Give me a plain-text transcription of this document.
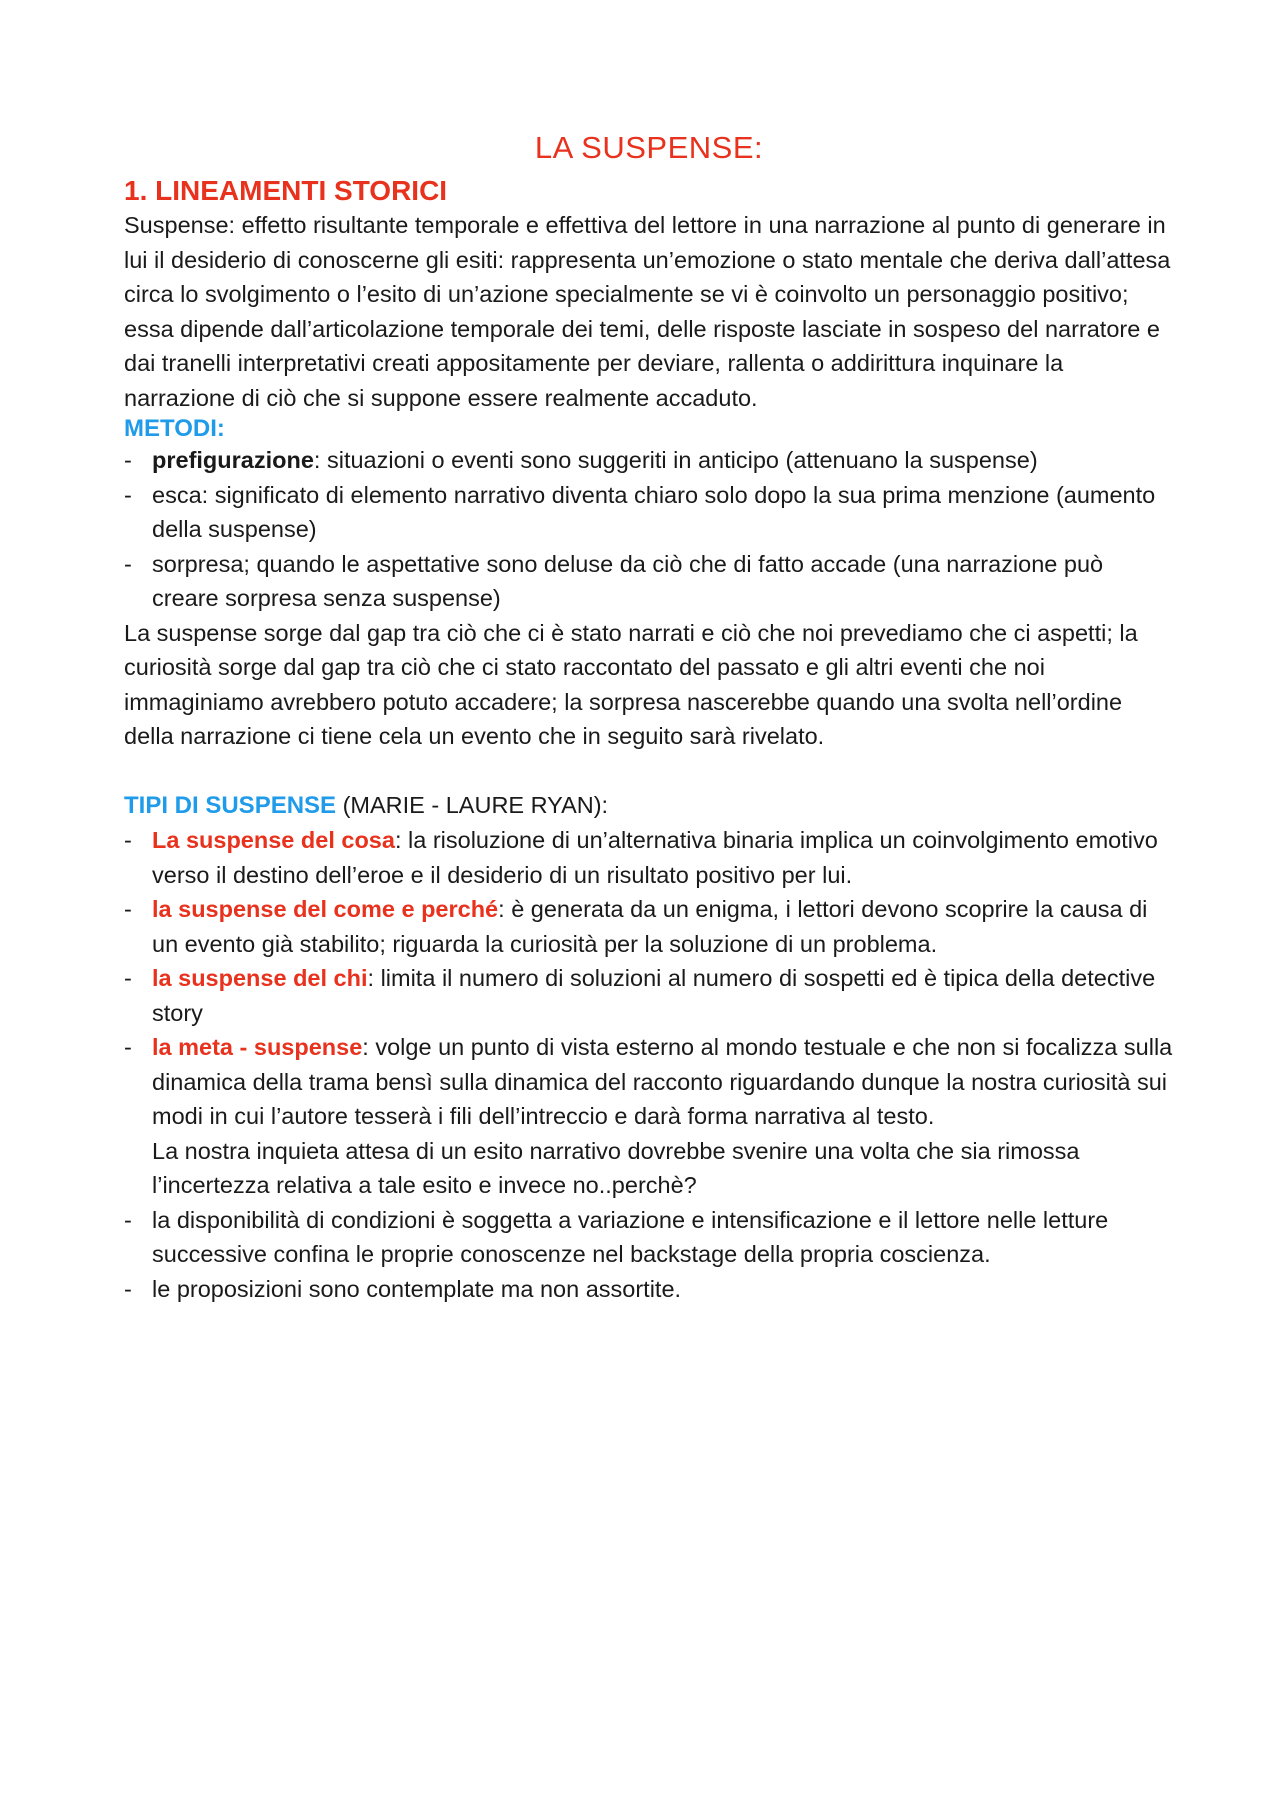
LA SUSPENSE:
1. LINEAMENTI STORICI

Suspense: effetto risultante temporale e effettiva del lettore in una narrazione al punto di generare in lui il desiderio di conoscerne gli esiti: rappresenta un’emozione o stato mentale che deriva dall’attesa circa lo svolgimento o l’esito di un’azione specialmente se vi è coinvolto un personaggio positivo; essa dipende dall’articolazione temporale dei temi, delle risposte lasciate in sospeso del narratore e dai tranelli interpretativi creati appositamente per deviare, rallenta o addirittura inquinare la narrazione di ciò che si suppone essere realmente accaduto.

METODI:
- prefigurazione: situazioni o eventi sono suggeriti in anticipo (attenuano la suspense)
- esca: significato di elemento narrativo diventa chiaro solo dopo la sua prima menzione (aumento della suspense)
- sorpresa; quando le aspettative sono deluse da ciò che di fatto accade (una narrazione può creare sorpresa senza suspense)

La suspense sorge dal gap tra ciò che ci è stato narrati e ciò che noi prevediamo che ci aspetti; la curiosità sorge dal gap tra ciò che ci stato raccontato del passato e gli altri eventi che noi immaginiamo avrebbero potuto accadere; la sorpresa nascerebbe quando una svolta nell’ordine della narrazione ci tiene cela un evento che in seguito sarà rivelato.

TIPI DI SUSPENSE (MARIE - LAURE RYAN):
- La suspense del cosa: la risoluzione di un’alternativa binaria implica un coinvolgimento emotivo verso il destino dell’eroe e il desiderio di un risultato positivo per lui.
- la suspense del come e perché: è generata da un enigma, i lettori devono scoprire la causa di un evento già stabilito; riguarda la curiosità per la soluzione di un problema.
- la suspense del chi: limita il numero di soluzioni al numero di sospetti ed è tipica della detective story
- la meta - suspense: volge un punto di vista esterno al mondo testuale e che non si focalizza sulla dinamica della trama bensì sulla dinamica del racconto riguardando dunque la nostra curiosità sui modi in cui l’autore tesserà i fili dell’intreccio e darà forma narrativa al testo.
La nostra inquieta attesa di un esito narrativo dovrebbe svenire una volta che sia rimossa l’incertezza relativa a tale esito e invece no..perchè?
- la disponibilità di condizioni è soggetta a variazione e intensificazione e il lettore nelle letture successive confina le proprie conoscenze nel backstage della propria coscienza.
- le proposizioni sono contemplate ma non assortite.
